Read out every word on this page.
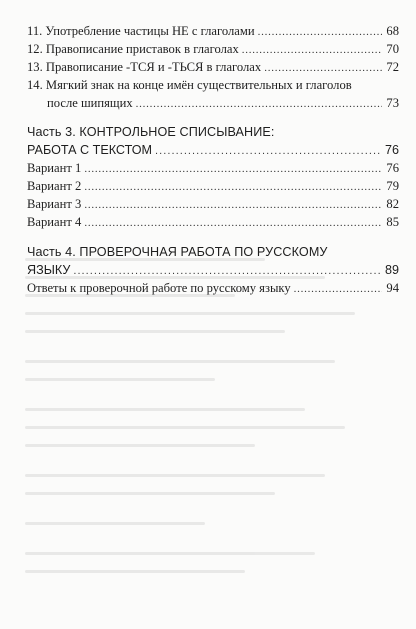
11. Употребление частицы НЕ с глаголами . . .	68
12. Правописание приставок в глаголах . . .	70
13. Правописание -ТСЯ и -ТЬСЯ в глаголах . . .	72
14. Мягкий знак на конце имён существительных и глаголов
после шипящих . . .	73
Часть 3. КОНТРОЛЬНОЕ СПИСЫВАНИЕ:
РАБОТА С ТЕКСТОМ . . .	76
Вариант 1 . . .	76
Вариант 2 . . .	79
Вариант 3 . . .	82
Вариант 4 . . .	85
Часть 4. ПРОВЕРОЧНАЯ РАБОТА ПО РУССКОМУ
ЯЗЫКУ . . .	89
Ответы к проверочной работе по русскому языку . . .	94
